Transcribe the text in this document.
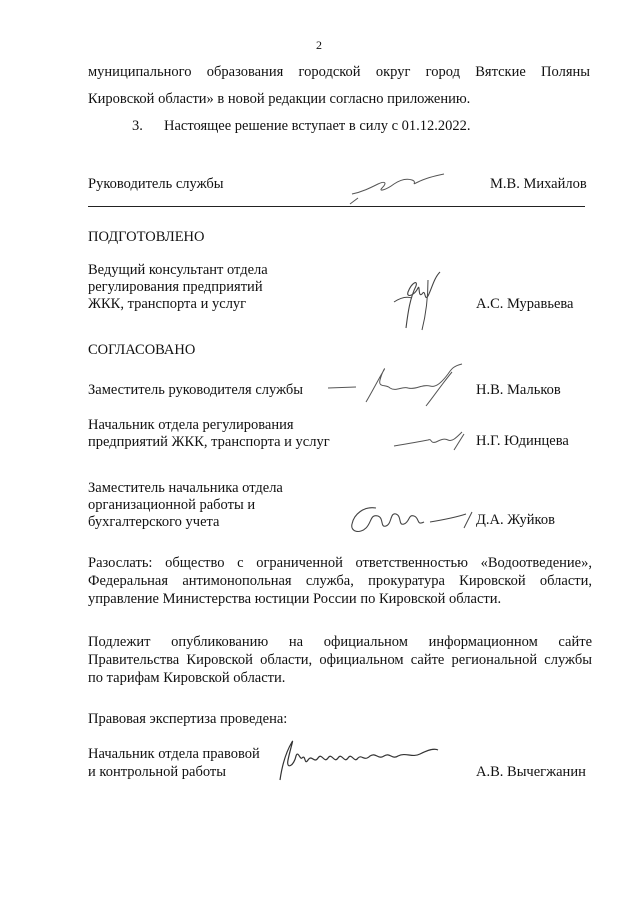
2
муниципального образования городской округ город Вятские Поляны
Кировской области» в новой редакции согласно приложению.
3. Настоящее решение вступает в силу с 01.12.2022.
Руководитель службы	М.В. Михайлов
ПОДГОТОВЛЕНО
Ведущий консультант отдела
регулирования предприятий
ЖКК, транспорта и услуг	А.С. Муравьева
СОГЛАСОВАНО
Заместитель руководителя службы	Н.В. Мальков
Начальник отдела регулирования
предприятий ЖКК, транспорта и услуг	Н.Г. Юдинцева
Заместитель начальника отдела
организационной работы и
бухгалтерского учета	Д.А. Жуйков
Разослать: общество с ограниченной ответственностью «Водоотведение»,
Федеральная антимонопольная служба, прокуратура Кировской области,
управление Министерства юстиции России по Кировской области.
Подлежит опубликованию на официальном информационном сайте
Правительства Кировской области, официальном сайте региональной службы
по тарифам Кировской области.
Правовая экспертиза проведена:
Начальник отдела правовой
и контрольной работы	А.В. Вычегжанин
